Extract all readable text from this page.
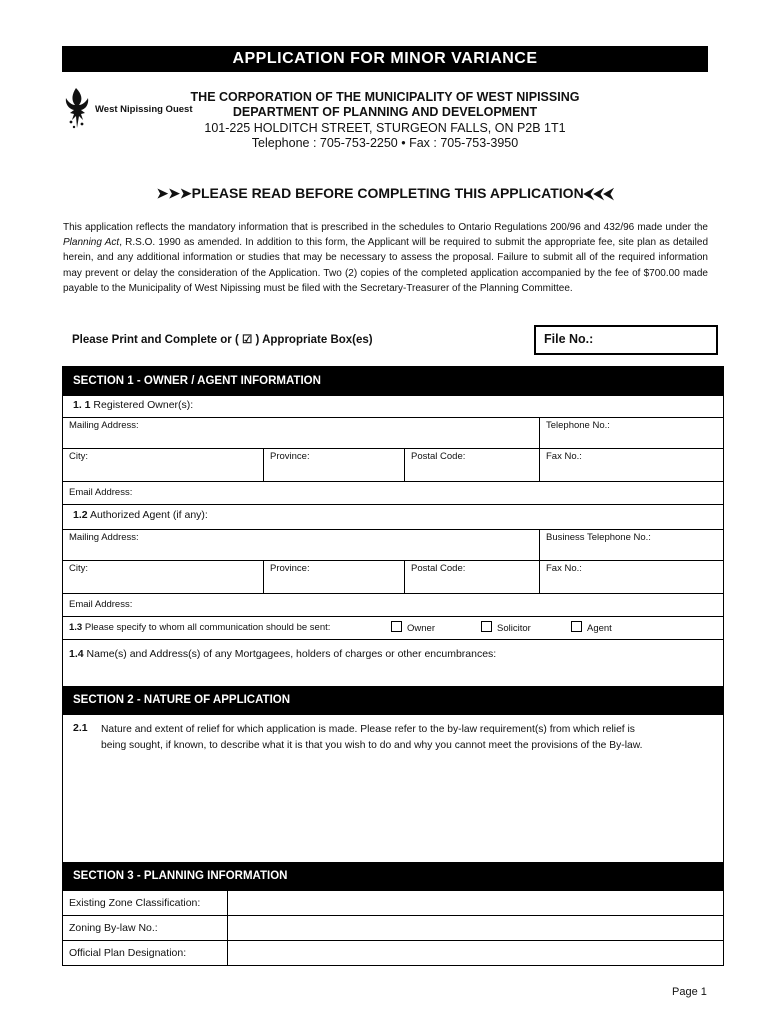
APPLICATION FOR MINOR VARIANCE
West Nipissing Ouest
THE CORPORATION OF THE MUNICIPALITY OF WEST NIPISSING
DEPARTMENT OF PLANNING AND DEVELOPMENT
101-225 HOLDITCH STREET, STURGEON FALLS, ON P2B 1T1
Telephone : 705-753-2250 • Fax : 705-753-3950
➤➤➤PLEASE READ BEFORE COMPLETING THIS APPLICATION⮜⮜⮜
This application reflects the mandatory information that is prescribed in the schedules to Ontario Regulations 200/96 and 432/96 made under the Planning Act, R.S.O. 1990 as amended. In addition to this form, the Applicant will be required to submit the appropriate fee, site plan as detailed herein, and any additional information or studies that may be necessary to assess the proposal. Failure to submit all of the required information may prevent or delay the consideration of the Application. Two (2) copies of the completed application accompanied by the fee of $700.00 made payable to the Municipality of West Nipissing must be filed with the Secretary-Treasurer of the Planning Committee.
Please Print and Complete or ( ☑ ) Appropriate Box(es)	File No.:
SECTION 1 - OWNER / AGENT INFORMATION
1. 1 Registered Owner(s):
Mailing Address:	Telephone No.:
City:	Province:	Postal Code:	Fax No.:
Email Address:
1.2 Authorized Agent (if any):
Mailing Address:	Business Telephone No.:
City:	Province:	Postal Code:	Fax No.:
Email Address:
1.3 Please specify to whom all communication should be sent:	Owner	Solicitor	Agent
1.4 Name(s) and Address(s) of any Mortgagees, holders of charges or other encumbrances:
SECTION 2 - NATURE OF APPLICATION
2.1	Nature and extent of relief for which application is made. Please refer to the by-law requirement(s) from which relief is
being sought, if known, to describe what it is that you wish to do and why you cannot meet the provisions of the By-law.
SECTION 3 - PLANNING INFORMATION
Existing Zone Classification:
Zoning By-law No.:
Official Plan Designation:
Page 1
